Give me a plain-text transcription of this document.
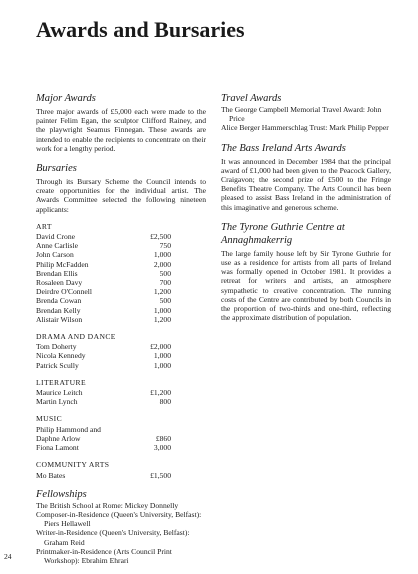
Awards and Bursaries
Major Awards

Three major awards of £5,000 each were made to the painter Felim Egan, the sculptor Clifford Rainey, and the playwright Seamus Finnegan. These awards are intended to enable the recipients to concentrate on their work for a lengthy period.

Bursaries

Through its Bursary Scheme the Council intends to create opportunities for the individual artist. The Awards Committee selected the following nineteen applicants:

ART
David Crone	£2,500
Anne Carlisle	750
John Carson	1,000
Philip McFadden	2,000
Brendan Ellis	500
Rosaleen Davy	700
Deirdre O'Connell	1,200
Brenda Cowan	500
Brendan Kelly	1,000
Alistair Wilson	1,200
DRAMA AND DANCE
Tom Doherty	£2,000
Nicola Kennedy	1,000
Patrick Scully	1,000
LITERATURE
Maurice Leitch	£1,200
Martin Lynch	800
MUSIC
Philip Hammond and	
Daphne Arlow	£860
Fiona Lamont	3,000
COMMUNITY ARTS
Mo Bates	£1,500
Fellowships

The British School at Rome: Mickey Donnelly

Composer-in-Residence (Queen's University, Belfast): Piers Hellawell

Writer-in-Residence (Queen's University, Belfast): Graham Reid

Printmaker-in-Residence (Arts Council Print Workshop): Ebrahim Ehrari

Travel Awards

The George Campbell Memorial Travel Award: John Price

Alice Berger Hammerschlag Trust: Mark Philip Pepper

The Bass Ireland Arts Awards

It was announced in December 1984 that the principal award of £1,000 had been given to the Peacock Gallery, Craigavon; the second prize of £500 to the Fringe Benefits Theatre Company. The Arts Council has been pleased to assist Bass Ireland in the administration of this imaginative and generous scheme.

The Tyrone Guthrie Centre at Annaghmakerrig

The large family house left by Sir Tyrone Guthrie for use as a residence for artists from all parts of Ireland was formally opened in October 1981. It provides a retreat for writers and artists, an atmosphere sympathetic to creative concentration. The running costs of the Centre are contributed by both Councils in the proportion of two-thirds and one-third, reflecting the approximate distribution of population.

24
